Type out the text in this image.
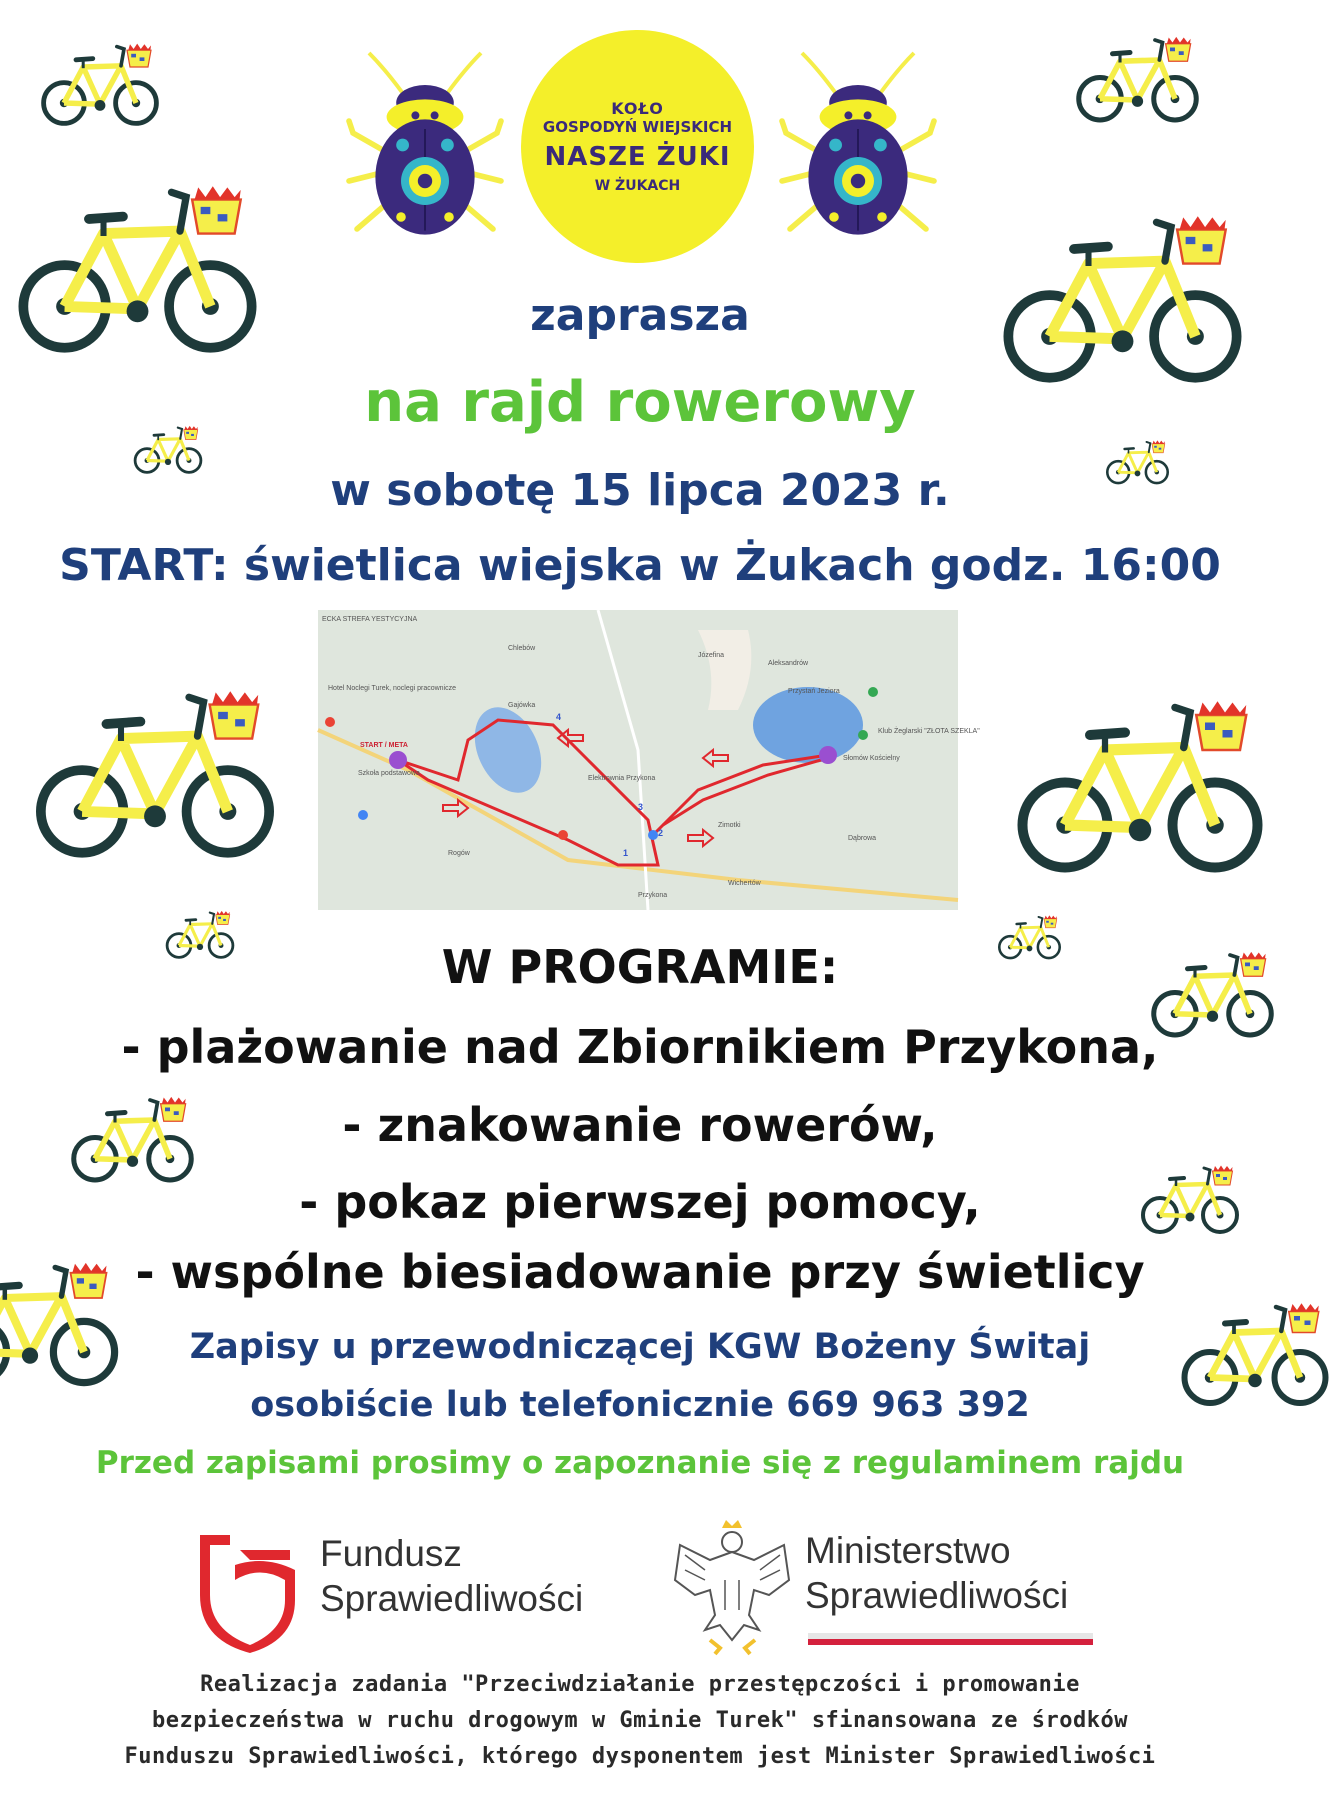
KOŁO
GOSPODYŃ WIEJSKICH
NASZE ŻUKI
W ŻUKACH
zaprasza
na rajd rowerowy
w sobotę 15 lipca 2023 r.
START: świetlica wiejska w Żukach godz. 16:00
ECKA STREFA YESTYCYJNA
Hotel Noclegi Turek, noclegi pracownicze
START / META
Szkoła podstawowa
Chlebów
Gajówka
Józefina
Aleksandrów
Przystań Jeziora
Klub Żeglarski "ZŁOTA SZEKLA"
Słomów Kościelny
Elektrownia Przykona
Zimotki
Dąbrowa
Rogów
Przykona
Wichertów
1
2
3
4
W PROGRAMIE:
- plażowanie nad Zbiornikiem Przykona,
- znakowanie rowerów,
- pokaz pierwszej pomocy,
- wspólne biesiadowanie przy świetlicy
Zapisy u przewodniczącej KGW Bożeny Świtaj
osobiście lub telefonicznie 669 963 392
Przed zapisami prosimy o zapoznanie się z regulaminem rajdu
Fundusz
Sprawiedliwości
Ministerstwo
Sprawiedliwości
Realizacja zadania "Przeciwdziałanie przestępczości i promowanie
bezpieczeństwa w ruchu drogowym w Gminie Turek" sfinansowana ze środków
Funduszu Sprawiedliwości, którego dysponentem jest Minister Sprawiedliwości
